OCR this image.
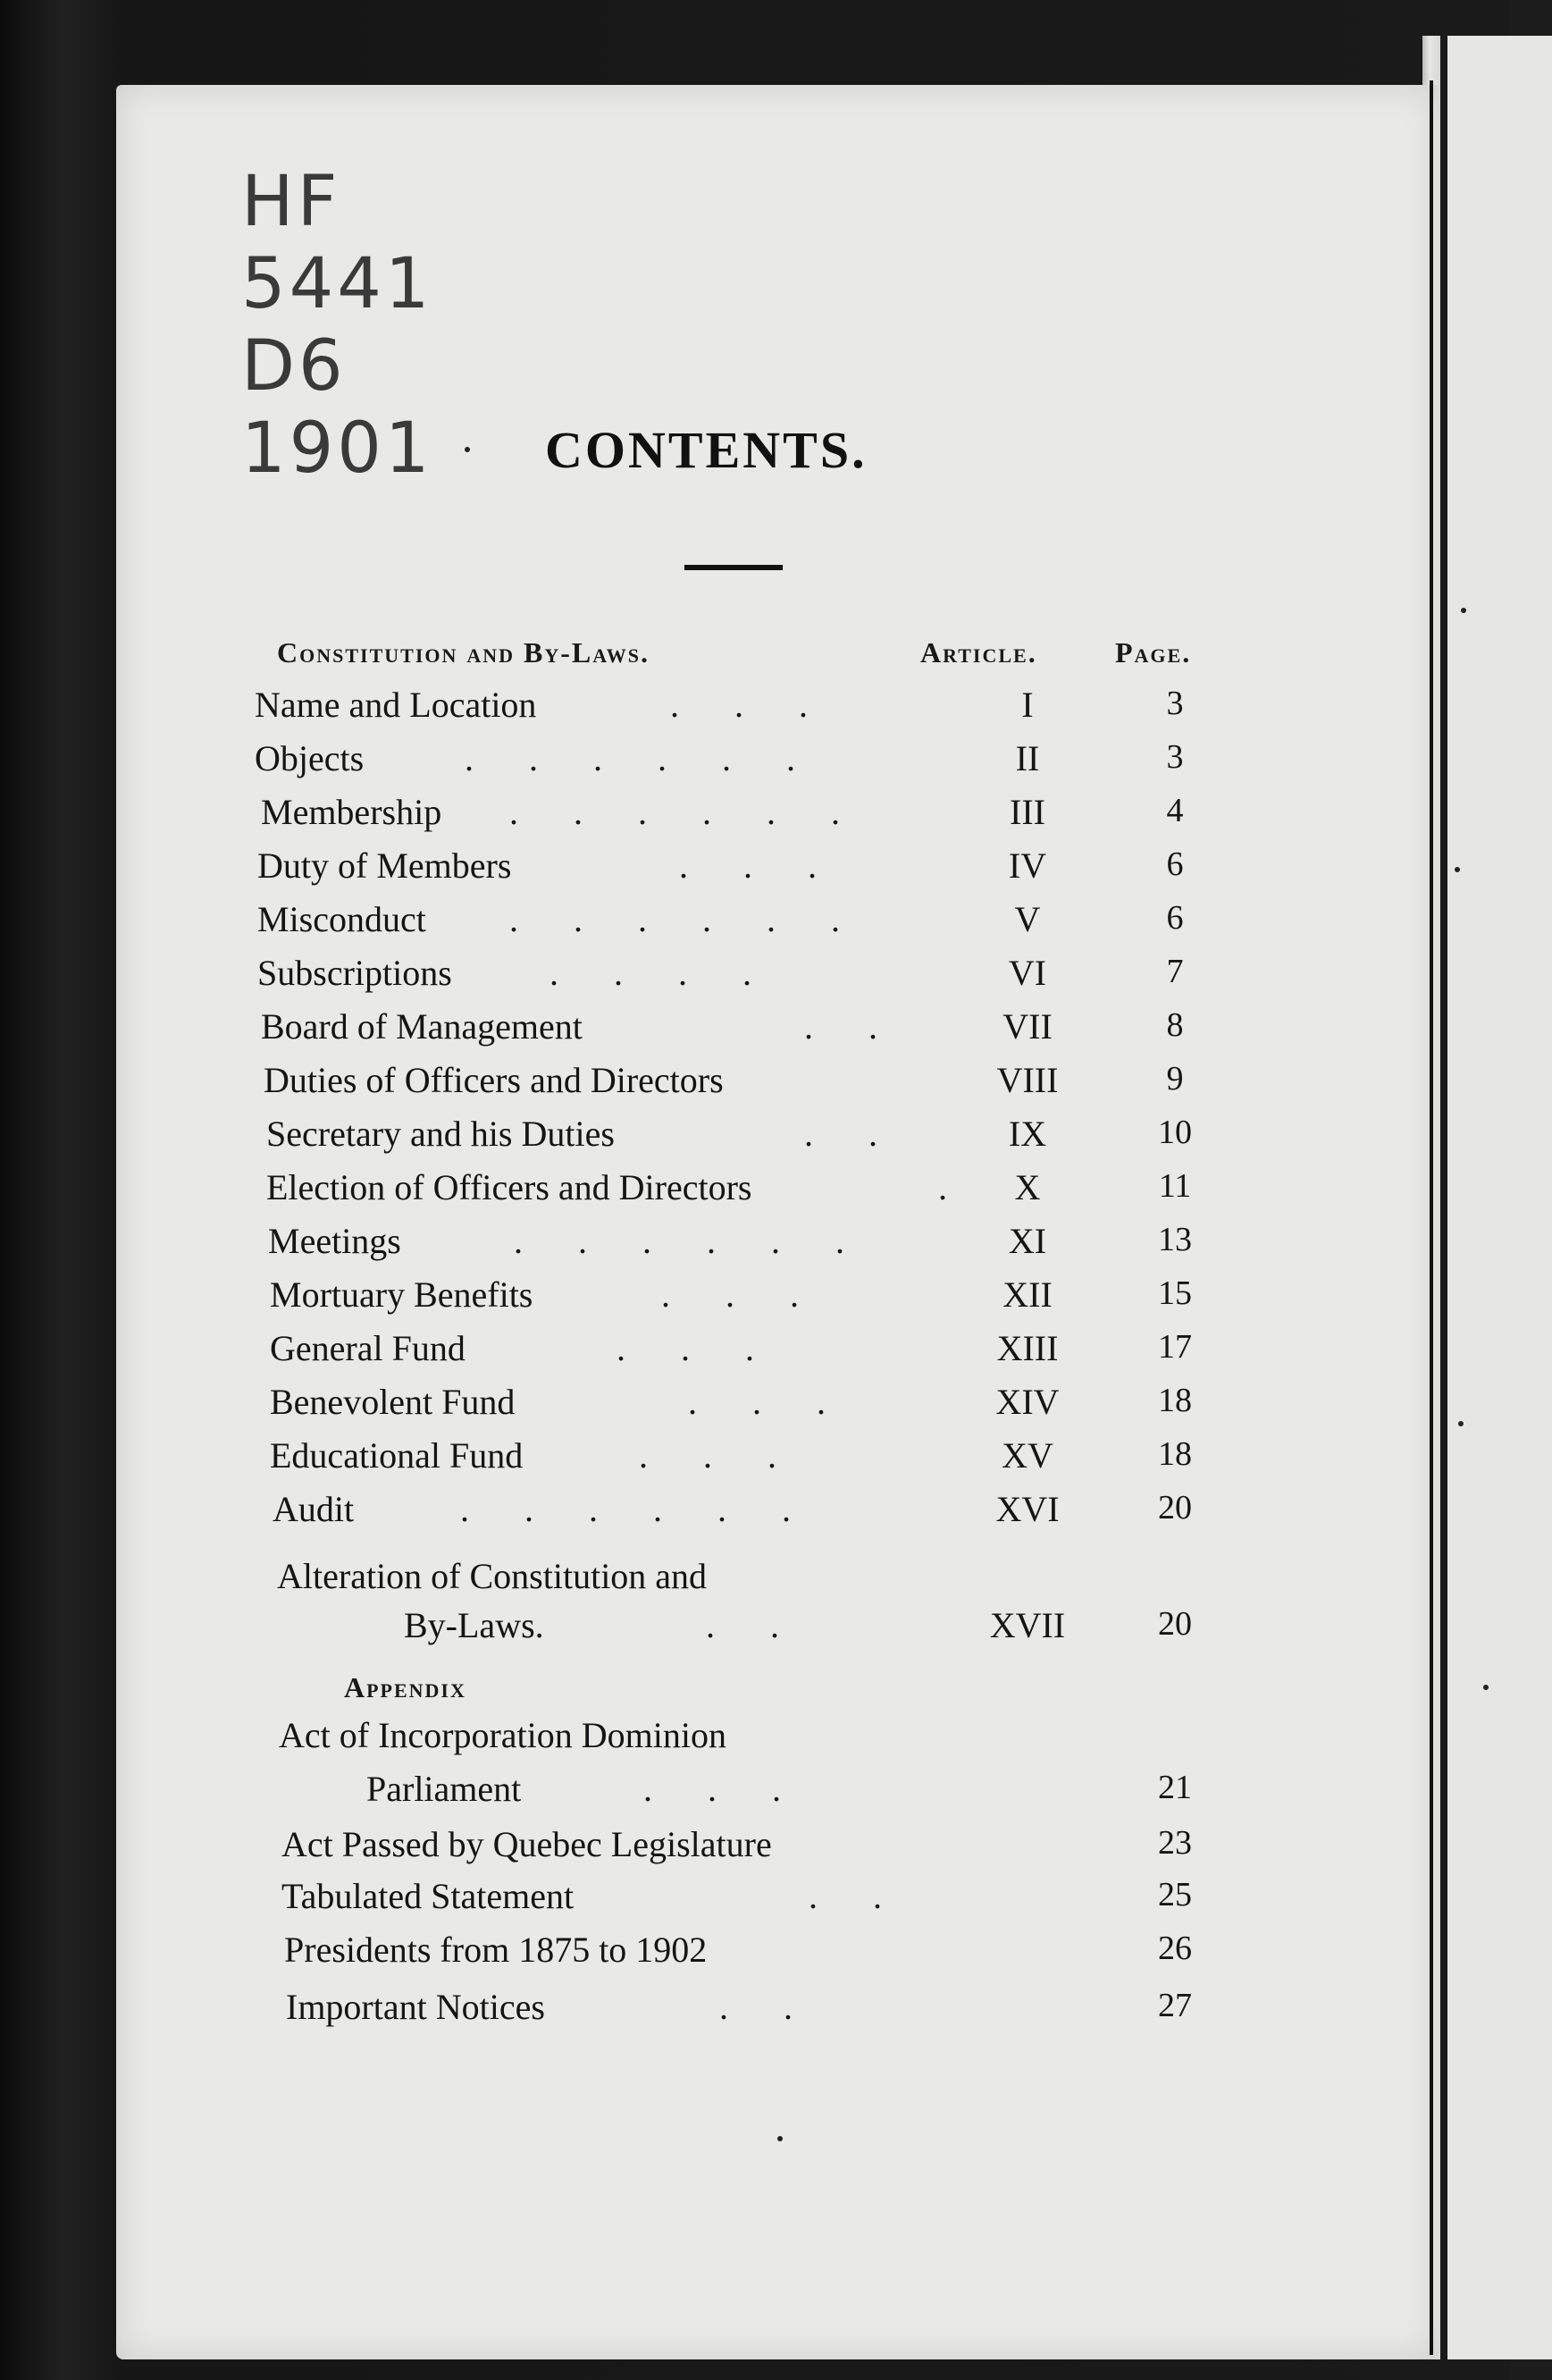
HF
5441
D6
1901 CONTENTS.
Constitution and By-Laws.	Article.	Page.
Name and Location	. . .	I	3
Objects	. . . . . .	II	3
Membership . . . . . .	III	4
Duty of Members	. . .	IV	6
Misconduct . . . . . .	V	6
Subscriptions	. . . .	VI	7
Board of Management	. .	VII	8
Duties of Officers and Directors	VIII	9
Secretary and his Duties	. .	IX	10
Election of Officers and Directors	.	X	11
Meetings	. . . . . .	XI	13
Mortuary Benefits	. . .	XII	15
General Fund	. . .	XIII	17
Benevolent Fund	. . .	XIV	18
Educational Fund	. . .	XV	18
Audit	. . . . . .	XVI	20
Alteration of Constitution and
By-Laws.	. .	XVII	20
Appendix
Act of Incorporation Dominion
Parliament	. . .	21
Act Passed by Quebec Legislature	23
Tabulated Statement	. .	25
Presidents from 1875 to 1902	26
Important Notices	. .	27
